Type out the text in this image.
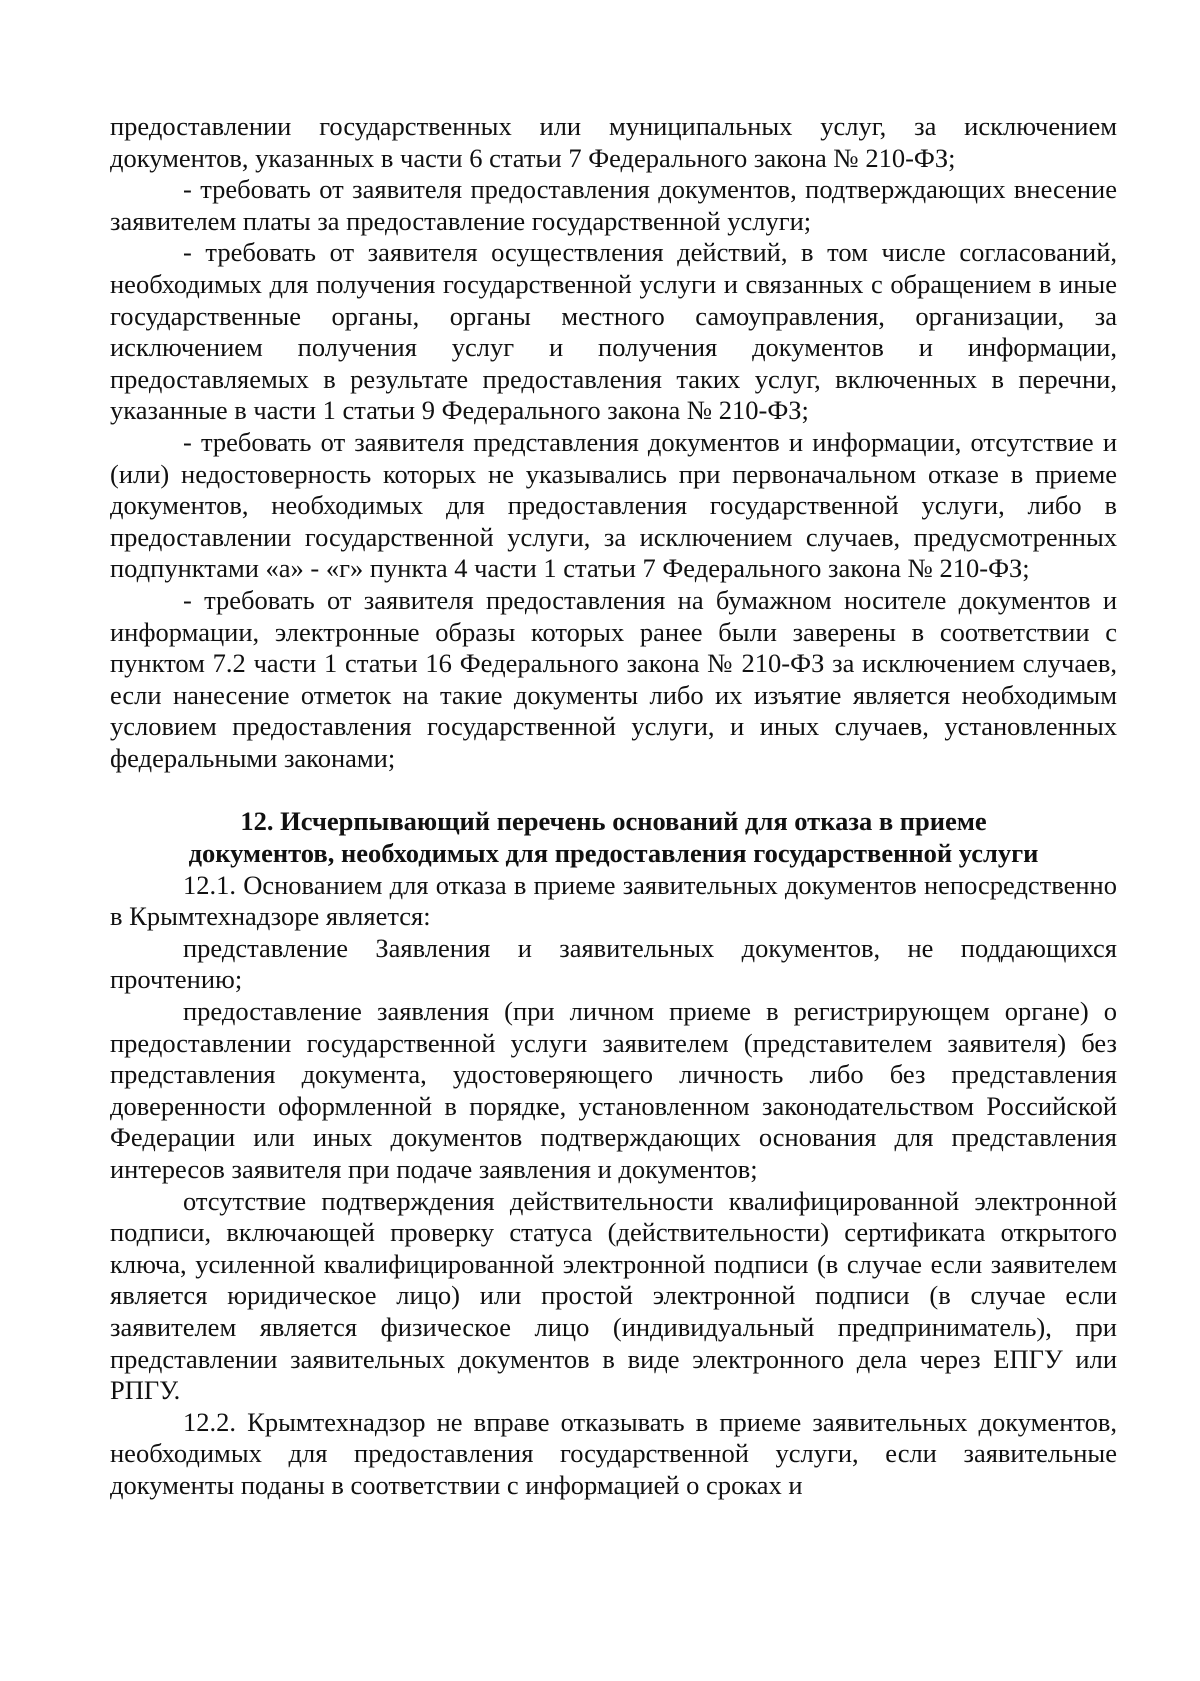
предоставлении государственных или муниципальных услуг, за исключением документов, указанных в части 6 статьи 7 Федерального закона № 210-ФЗ;

- требовать от заявителя предоставления документов, подтверждающих внесение заявителем платы за предоставление государственной услуги;

- требовать от заявителя осуществления действий, в том числе согласований, необходимых для получения государственной услуги и связанных с обращением в иные государственные органы, органы местного самоуправления, организации, за исключением получения услуг и получения документов и информации, предоставляемых в результате предоставления таких услуг, включенных в перечни, указанные в части 1 статьи 9 Федерального закона № 210-ФЗ;

- требовать от заявителя представления документов и информации, отсутствие и (или) недостоверность которых не указывались при первоначальном отказе в приеме документов, необходимых для предоставления государственной услуги, либо в предоставлении государственной услуги, за исключением случаев, предусмотренных подпунктами «а» - «г» пункта 4 части 1 статьи 7 Федерального закона № 210-ФЗ;

- требовать от заявителя предоставления на бумажном носителе документов и информации, электронные образы которых ранее были заверены в соответствии с пунктом 7.2 части 1 статьи 16 Федерального закона № 210-ФЗ за исключением случаев, если нанесение отметок на такие документы либо их изъятие является необходимым условием предоставления государственной услуги, и иных случаев, установленных федеральными законами;

12. Исчерпывающий перечень оснований для отказа в приеме
документов, необходимых для предоставления государственной услуги

12.1. Основанием для отказа в приеме заявительных документов непосредственно в Крымтехнадзоре является:

представление Заявления и заявительных документов, не поддающихся прочтению;

предоставление заявления (при личном приеме в регистрирующем органе) о предоставлении государственной услуги заявителем (представителем заявителя) без представления документа, удостоверяющего личность либо без представления доверенности оформленной в порядке, установленном законодательством Российской Федерации или иных документов подтверждающих основания для представления интересов заявителя при подаче заявления и документов;

отсутствие подтверждения действительности квалифицированной электронной подписи, включающей проверку статуса (действительности) сертификата открытого ключа, усиленной квалифицированной электронной подписи (в случае если заявителем является юридическое лицо) или простой электронной подписи (в случае если заявителем является физическое лицо (индивидуальный предприниматель), при представлении заявительных документов в виде электронного дела через ЕПГУ или РПГУ.

12.2. Крымтехнадзор не вправе отказывать в приеме заявительных документов, необходимых для предоставления государственной услуги, если заявительные документы поданы в соответствии с информацией о сроках и
